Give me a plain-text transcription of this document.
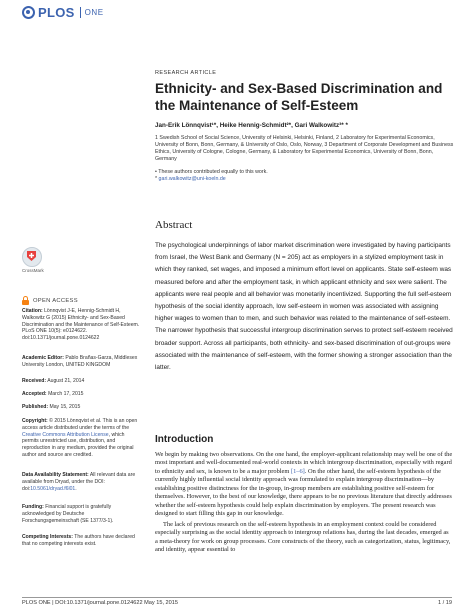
PLOS ONE
RESEARCH ARTICLE
Ethnicity- and Sex-Based Discrimination and the Maintenance of Self-Esteem
Jan-Erik Lönnqvist¹*, Heike Hennig-Schmidt²*, Gari Walkowitz³* *
1 Swedish School of Social Science, University of Helsinki, Helsinki, Finland, 2 Laboratory for Experimental Economics, University of Bonn, Bonn, Germany, & University of Oslo, Oslo, Norway, 3 Department of Corporate Development and Business Ethics, University of Cologne, Cologne, Germany, & Laboratory for Experimental Economics, University of Bonn, Bonn, Germany
• These authors contributed equally to this work.
* gari.walkowitz@uni-koeln.de
Abstract
The psychological underpinnings of labor market discrimination were investigated by having participants from Israel, the West Bank and Germany (N = 205) act as employers in a stylized employment task in which they ranked, set wages, and imposed a minimum effort level on applicants. State self-esteem was measured before and after the employment task, in which applicant ethnicity and sex were salient. The applicants were real people and all behavior was monetarily incentivized. Supporting the full self-esteem hypothesis of the social identity approach, low self-esteem in women was associated with assigning higher wages to women than to men, and such behavior was related to the maintenance of self-esteem. The narrower hypothesis that successful intergroup discrimination serves to protect self-esteem received broader support. Across all participants, both ethnicity- and sex-based discrimination of out-groups were associated with the maintenance of self-esteem, with the former showing a stronger association than the latter.
CrossMark
OPEN ACCESS
Citation: Lönnqvist J-E, Hennig-Schmidt H, Walkowitz G (2015) Ethnicity- and Sex-Based Discrimination and the Maintenance of Self-Esteem. PLoS ONE 10(5): e0124622. doi:10.1371/journal.pone.0124622
Academic Editor: Pablo Brañas-Garza, Middlesex University London, UNITED KINGDOM
Received: August 21, 2014
Accepted: March 17, 2015
Published: May 15, 2015
Copyright: © 2015 Lönnqvist et al. This is an open access article distributed under the terms of the Creative Commons Attribution License, which permits unrestricted use, distribution, and reproduction in any medium, provided the original author and source are credited.
Data Availability Statement: All relevant data are available from Dryad, under the DOI: doi:10.5061/dryad.f6l01.
Funding: Financial support is gratefully acknowledged by Deutsche Forschungsgemeinschaft (SE 1377/3-1).
Competing Interests: The authors have declared that no competing interests exist.
Introduction

We begin by making two observations. On the one hand, the employer-applicant relationship may well be one of the most important and well-documented real-world contexts in which intergroup discrimination, especially with regard to ethnicity and sex, is known to be a major problem [1–6]. On the other hand, the self-esteem hypothesis of the currently highly influential social identity approach was formulated to explain intergroup discrimination—by establishing positive distinctness for the in-group, in-group members are establishing positive self-esteem for themselves. However, to the best of our knowledge, there appears to be no previous literature that directly addresses whether the self-esteem hypothesis could help explain discrimination by employers. The present research was designed to start filling this gap in our knowledge.

The lack of previous research on the self-esteem hypothesis in an employment context could be considered especially surprising as the social identity approach to intergroup relations has, during the last decades, emerged as a meta-theory for work on group processes. Core constructs of the theory, such as categorization, status, legitimacy, and identity, appear essential to

PLOS ONE | DOI:10.1371/journal.pone.0124622 May 15, 2015	1 / 19
